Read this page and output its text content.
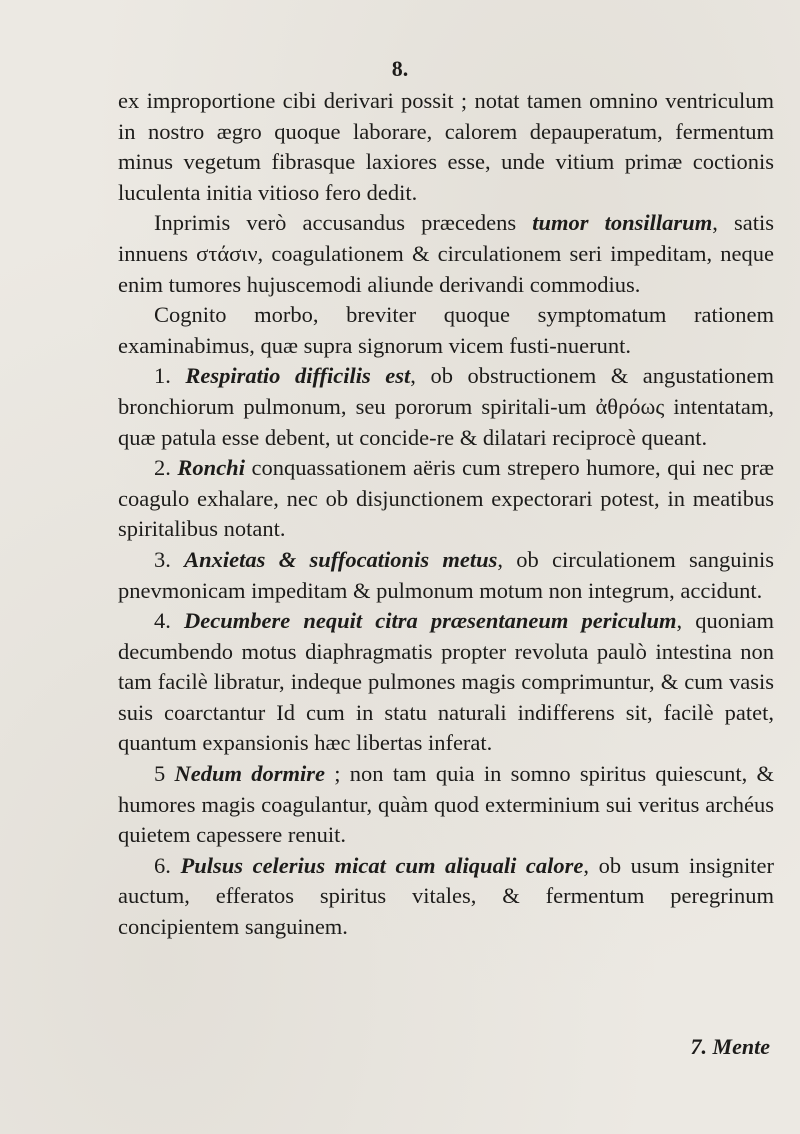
8.

ex improportione cibi derivari possit ; notat tamen omnino ventriculum in nostro ægro quoque laborare, calorem depauperatum, fermentum minus vegetum fibrasque laxiores esse, unde vitium primæ coctionis luculenta initia vitioso fero dedit.

Inprimis verò accusandus præcedens tumor tonsillarum, satis innuens στάσιν, coagulationem & circulationem seri impeditam, neque enim tumores hujuscemodi aliunde derivandi commodius.

Cognito morbo, breviter quoque symptomatum rationem examinabimus, quæ supra signorum vicem fusti-nuerunt.

1. Respiratio difficilis est, ob obstructionem & angustationem bronchiorum pulmonum, seu pororum spiritali-um ἀθρόως intentatam, quæ patula esse debent, ut concide-re & dilatari reciprocè queant.

2. Ronchi conquassationem aëris cum strepero humore, qui nec præ coagulo exhalare, nec ob disjunctionem expectorari potest, in meatibus spiritalibus notant.

3. Anxietas & suffocationis metus, ob circulationem sanguinis pnevmonicam impeditam & pulmonum motum non integrum, accidunt.

4. Decumbere nequit citra præsentaneum periculum, quoniam decumbendo motus diaphragmatis propter revoluta paulò intestina non tam facilè libratur, indeque pulmones magis comprimuntur, & cum vasis suis coarctantur Id cum in statu naturali indifferens sit, facilè patet, quantum expansionis hæc libertas inferat.

5 Nedum dormire ; non tam quia in somno spiritus quiescunt, & humores magis coagulantur, quàm quod exterminium sui veritus archéus quietem capessere renuit.

6. Pulsus celerius micat cum aliquali calore, ob usum insigniter auctum, efferatos spiritus vitales, & fermentum peregrinum concipientem sanguinem.

7. Mente
